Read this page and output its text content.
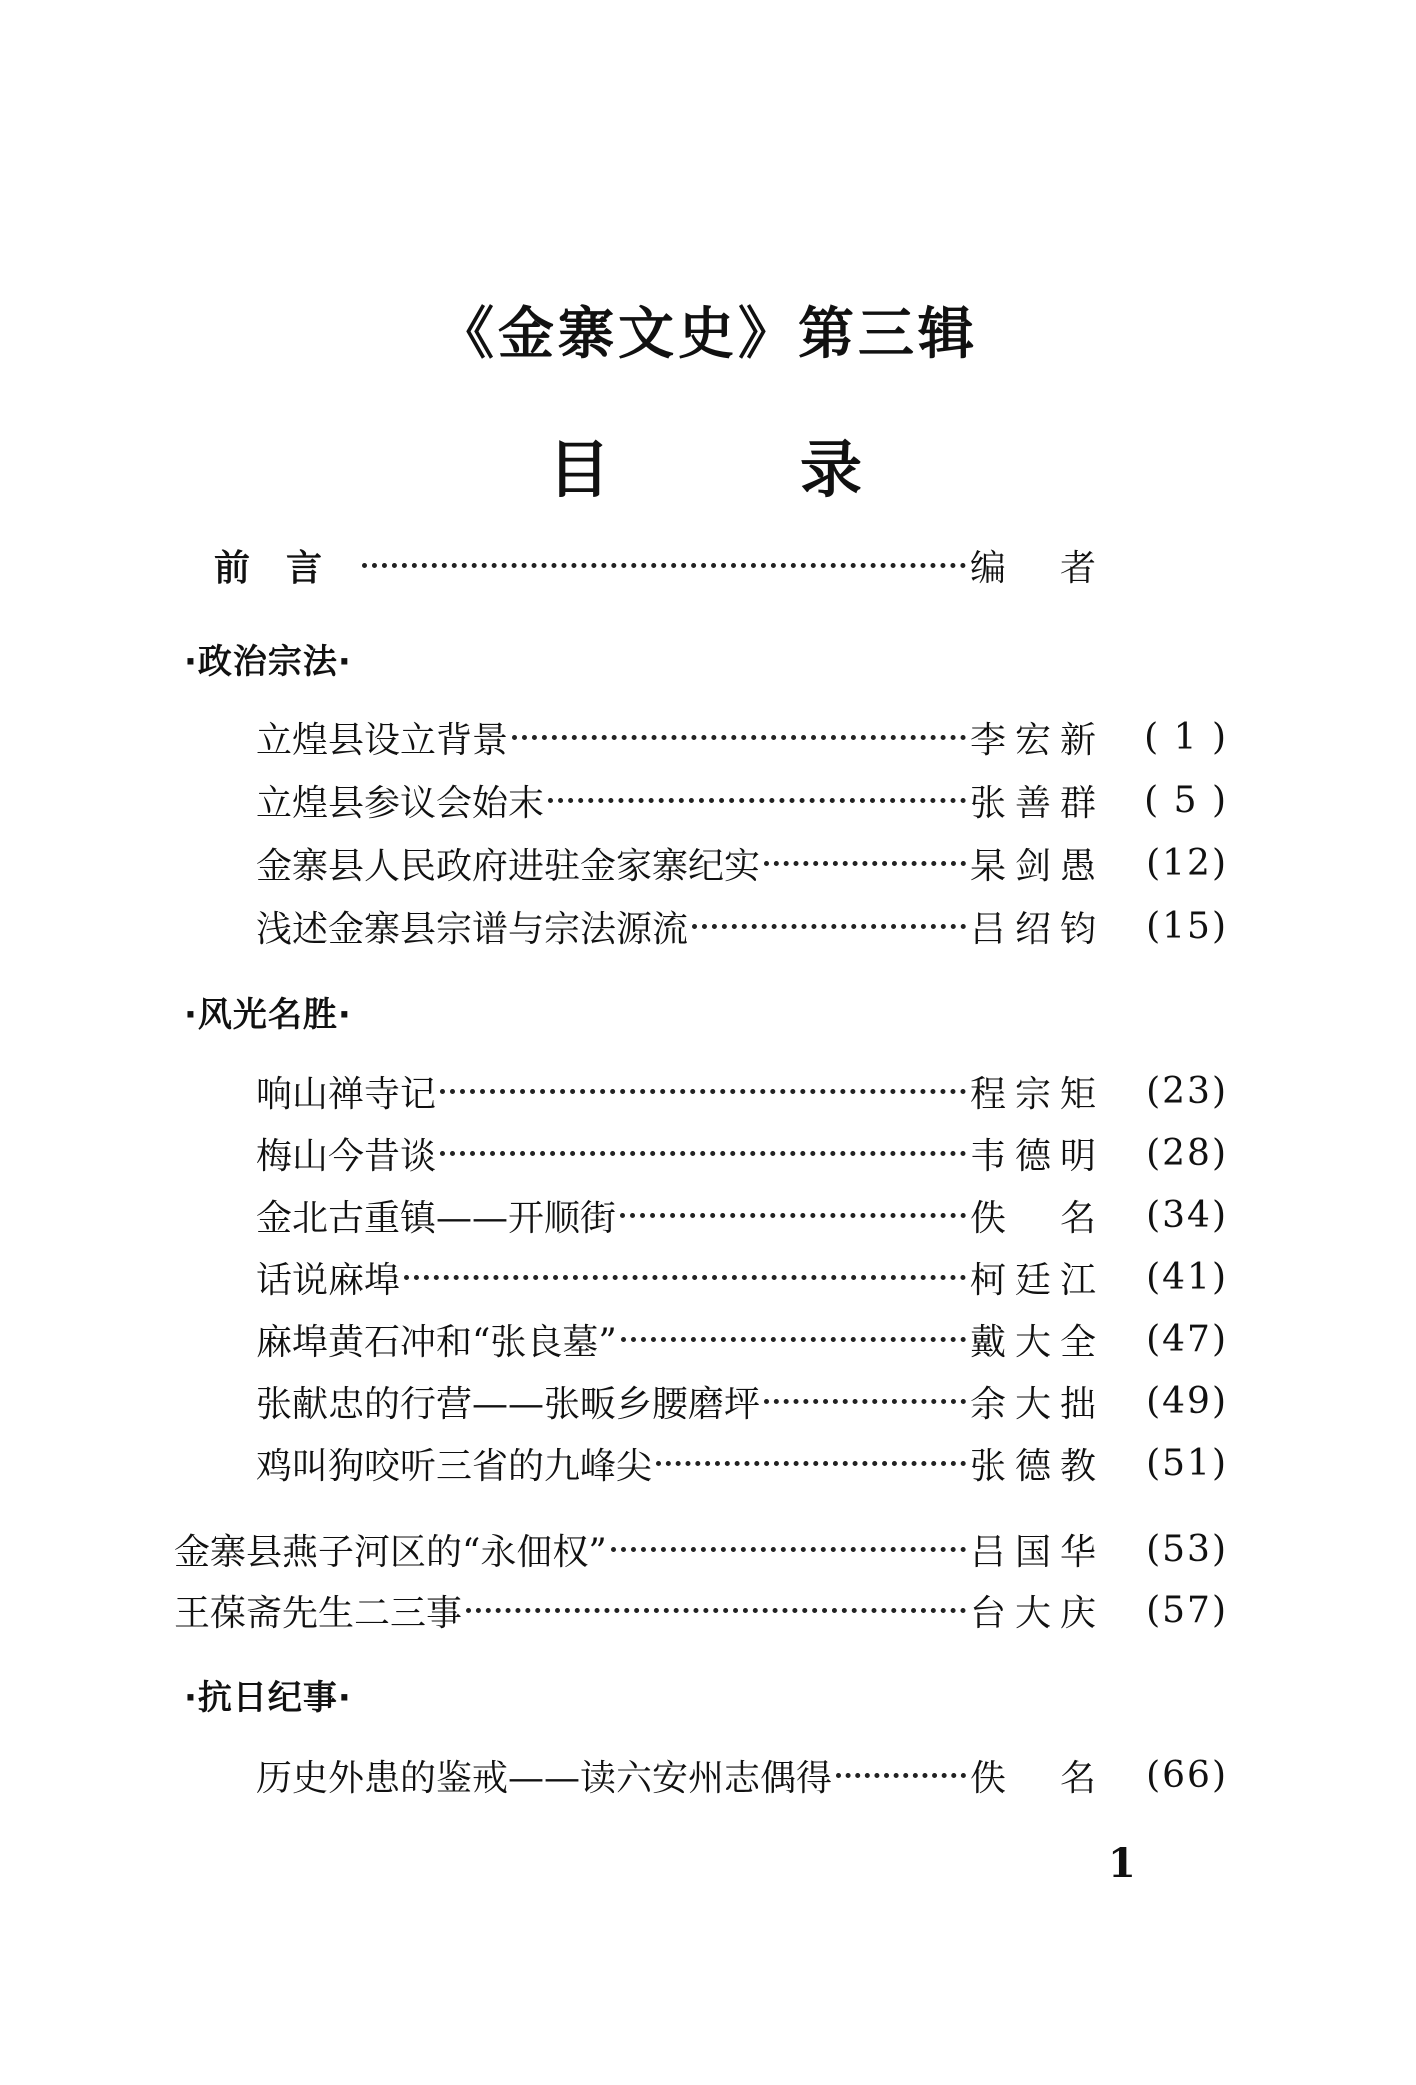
《金寨文史》第三辑
目	录
前言	编者
·政治宗法·
立煌县设立背景	李宏新	( 1 )
立煌县参议会始末	张善群	( 5 )
金寨县人民政府进驻金家寨纪实	杲剑愚	(12)
浅述金寨县宗谱与宗法源流	吕绍钧	(15)
·风光名胜·
响山禅寺记	程宗矩	(23)
梅山今昔谈	韦德明	(28)
金北古重镇——开顺街	佚 名	(34)
话说麻埠	柯廷江	(41)
麻埠黄石冲和“张良墓”	戴大全	(47)
张献忠的行营——张畈乡腰磨坪	余大拙	(49)
鸡叫狗咬听三省的九峰尖	张德教	(51)
金寨县燕子河区的“永佃权”	吕国华	(53)
王葆斋先生二三事	台大庆	(57)
·抗日纪事·
历史外患的鉴戒——读六安州志偶得	佚 名	(66)
1
